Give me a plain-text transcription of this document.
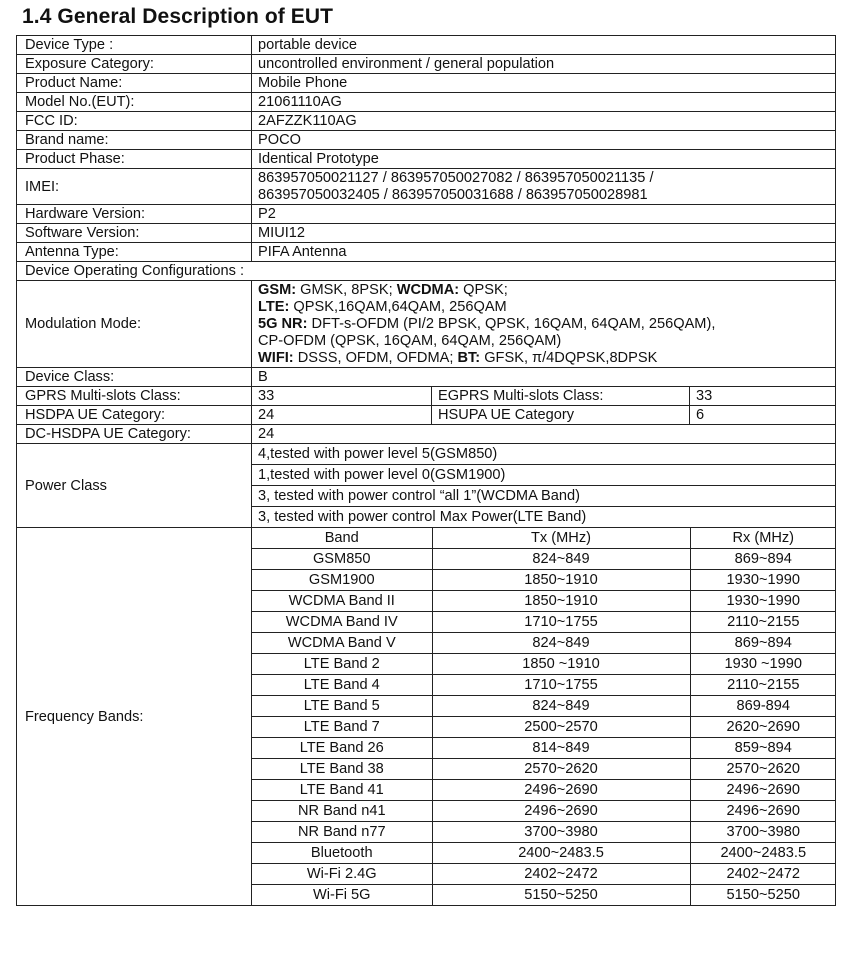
1.4 General Description of EUT
Device Type :	portable device
Exposure Category:	uncontrolled environment / general population
Product Name:	Mobile Phone
Model No.(EUT):	21061110AG
FCC ID:	2AFZZK110AG
Brand name:	POCO
Product Phase:	Identical Prototype
IMEI:	
863957050021127 / 863957050027082 / 863957050021135 /
863957050032405 / 863957050031688 / 863957050028981

Hardware Version:	P2
Software Version:	MIUI12
Antenna Type:	PIFA Antenna
Device Operating Configurations :
Modulation Mode:	
GSM: GMSK, 8PSK; WCDMA: QPSK;
LTE: QPSK,16QAM,64QAM, 256QAM
5G NR: DFT-s-OFDM (PI/2 BPSK, QPSK, 16QAM, 64QAM, 256QAM),
CP-OFDM (QPSK, 16QAM, 64QAM, 256QAM)
WIFI: DSSS, OFDM, OFDMA; BT: GFSK, π/4DQPSK,8DPSK

Device Class:	B
GPRS Multi-slots Class:	33	EGPRS Multi-slots Class:	33
HSDPA UE Category:	24	HSUPA UE Category	6
DC-HSDPA UE Category:	24
Power Class	4,tested with power level 5(GSM850)
1,tested with power level 0(GSM1900)
3, tested with power control “all 1”(WCDMA Band)
3, tested with power control Max Power(LTE Band)
Frequency Bands:	
Band	Tx (MHz)	Rx (MHz)
GSM850	824~849	869~894
GSM1900	1850~1910	1930~1990
WCDMA Band II	1850~1910	1930~1990
WCDMA Band IV	1710~1755	2110~2155
WCDMA Band V	824~849	869~894
LTE Band 2	1850 ~1910	1930 ~1990
LTE Band 4	1710~1755	2110~2155
LTE Band 5	824~849	869-894
LTE Band 7	2500~2570	2620~2690
LTE Band 26	814~849	859~894
LTE Band 38	2570~2620	2570~2620
LTE Band 41	2496~2690	2496~2690
NR Band n41	2496~2690	2496~2690
NR Band n77	3700~3980	3700~3980
Bluetooth	2400~2483.5	2400~2483.5
Wi-Fi 2.4G	2402~2472	2402~2472
Wi-Fi 5G	5150~5250	5150~5250
